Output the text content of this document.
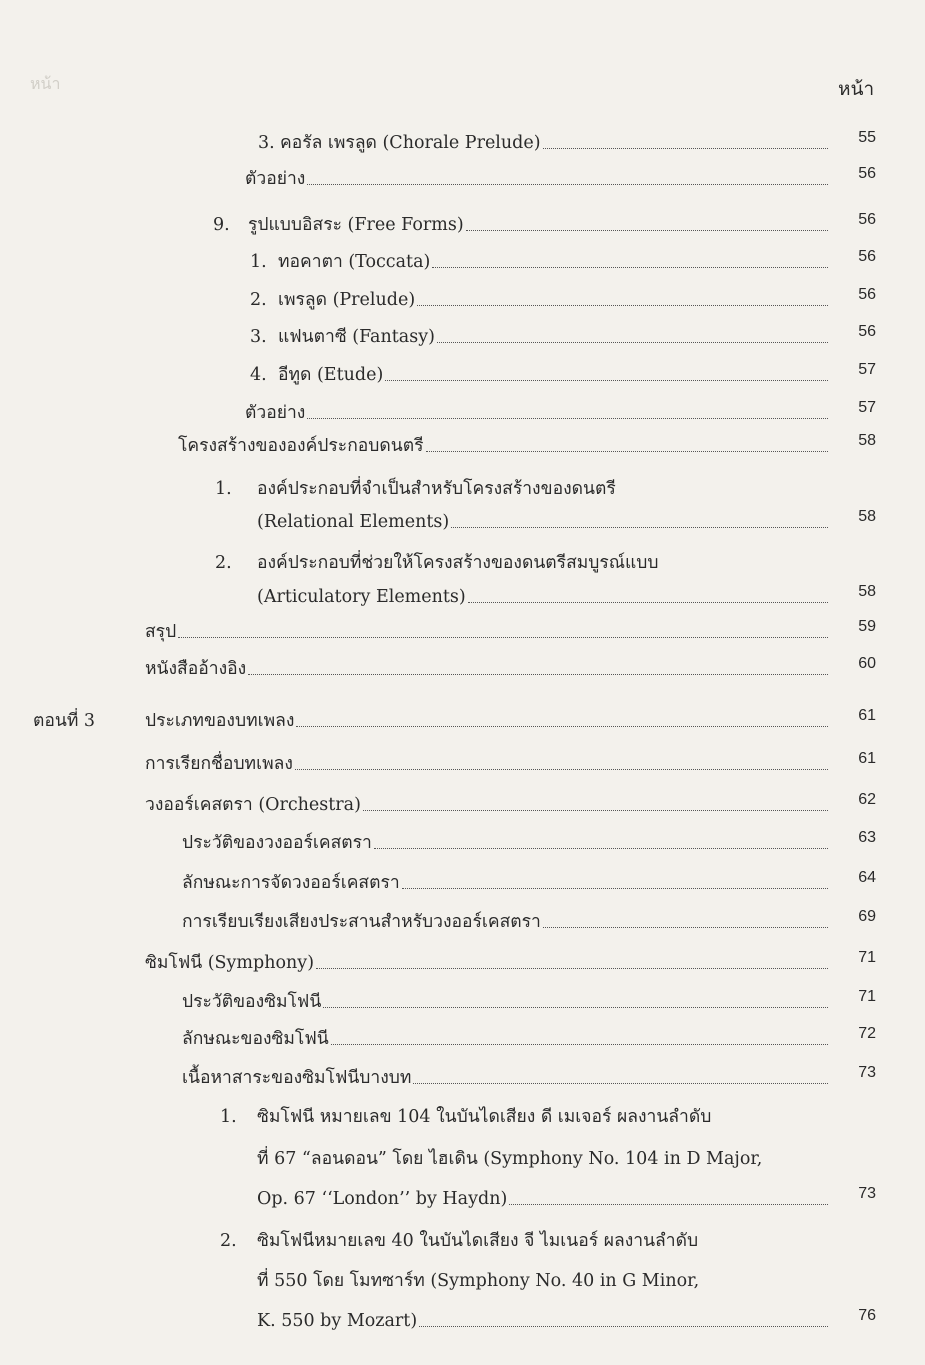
หน้า	หน้า
3. คอรัล เพรลูด (Chorale Prelude)	55
ตัวอย่าง	56
9. รูปแบบอิสระ (Free Forms)	56
1. ทอคาตา (Toccata)	56
2. เพรลูด (Prelude)	56
3. แฟนตาซี (Fantasy)	56
4. อีทูด (Etude)	57
ตัวอย่าง	57
โครงสร้างขององค์ประกอบดนตรี	58
1. องค์ประกอบที่จำเป็นสำหรับโครงสร้างของดนตรี
(Relational Elements)	58
2. องค์ประกอบที่ช่วยให้โครงสร้างของดนตรีสมบูรณ์แบบ
(Articulatory Elements)	58
สรุป	59
หนังสืออ้างอิง	60
ตอนที่ 3	ประเภทของบทเพลง	61
การเรียกชื่อบทเพลง	61
วงออร์เคสตรา (Orchestra)	62
ประวัติของวงออร์เคสตรา	63
ลักษณะการจัดวงออร์เคสตรา	64
การเรียบเรียงเสียงประสานสำหรับวงออร์เคสตรา	69
ซิมโฟนี (Symphony)	71
ประวัติของซิมโฟนี	71
ลักษณะของซิมโฟนี	72
เนื้อหาสาระของซิมโฟนีบางบท	73
1. ซิมโฟนี หมายเลข 104 ในบันไดเสียง ดี เมเจอร์ ผลงานลำดับ
ที่ 67 “ลอนดอน” โดย ไฮเดิน (Symphony No. 104 in D Major,
Op. 67 ‘‘London’’ by Haydn)	73
2. ซิมโฟนีหมายเลข 40 ในบันไดเสียง จี ไมเนอร์ ผลงานลำดับ
ที่ 550 โดย โมทซาร์ท (Symphony No. 40 in G Minor,
K. 550 by Mozart)	76
